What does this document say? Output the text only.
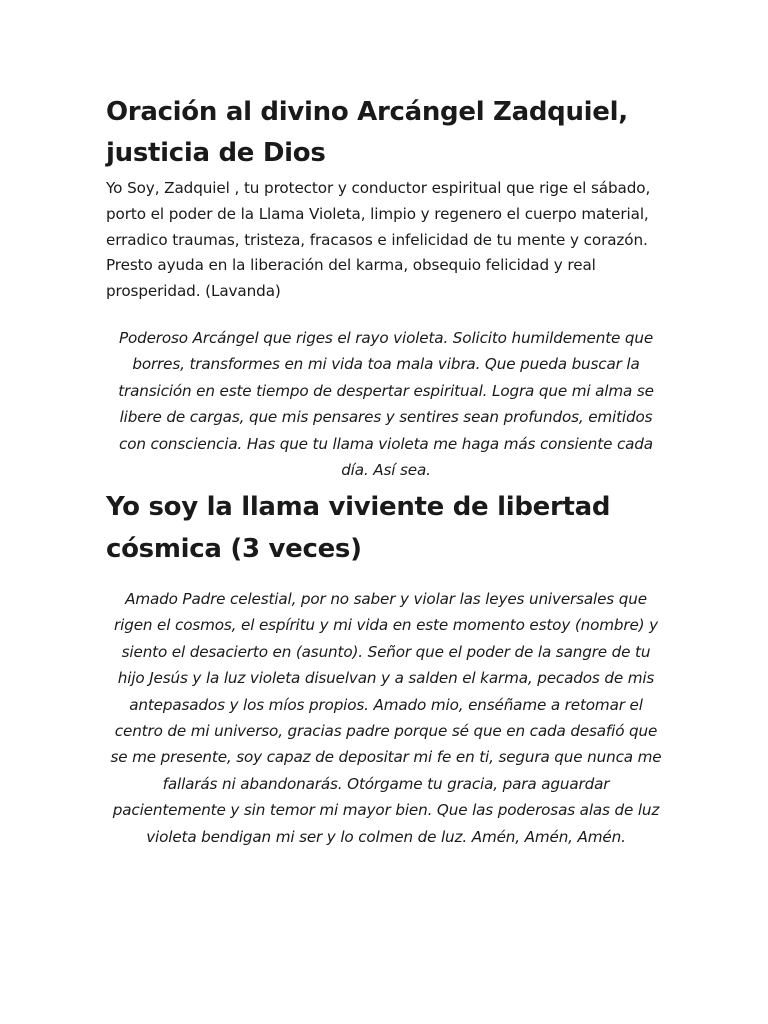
Oración al divino Arcángel Zadquiel,
justicia de Dios

Yo Soy, Zadquiel , tu protector y conductor espiritual que rige el sábado, porto el poder de la Llama Violeta, limpio y regenero el cuerpo material, erradico traumas, tristeza, fracasos e infelicidad de tu mente y corazón. Presto ayuda en la liberación del karma, obsequio felicidad y real prosperidad. (Lavanda)

Poderoso Arcángel que riges el rayo violeta. Solicito humildemente que borres, transformes en mi vida toa mala vibra. Que pueda buscar la transición en este tiempo de despertar espiritual. Logra que mi alma se libere de cargas, que mis pensares y sentires sean profundos, emitidos con consciencia. Has que tu llama violeta me haga más consiente cada día. Así sea.

Yo soy la llama viviente de libertad
cósmica (3 veces)

Amado Padre celestial, por no saber y violar las leyes universales que rigen el cosmos, el espíritu y mi vida en este momento estoy (nombre) y siento el desacierto en (asunto). Señor que el poder de la sangre de tu hijo Jesús y la luz violeta disuelvan y a salden el karma, pecados de mis antepasados y los míos propios. Amado mio, enséñame a retomar el centro de mi universo, gracias padre porque sé que en cada desafió que se me presente, soy capaz de depositar mi fe en ti, segura que nunca me fallarás ni abandonarás. Otórgame tu gracia, para aguardar pacientemente y sin temor mi mayor bien. Que las poderosas alas de luz violeta bendigan mi ser y lo colmen de luz. Amén, Amén, Amén.
